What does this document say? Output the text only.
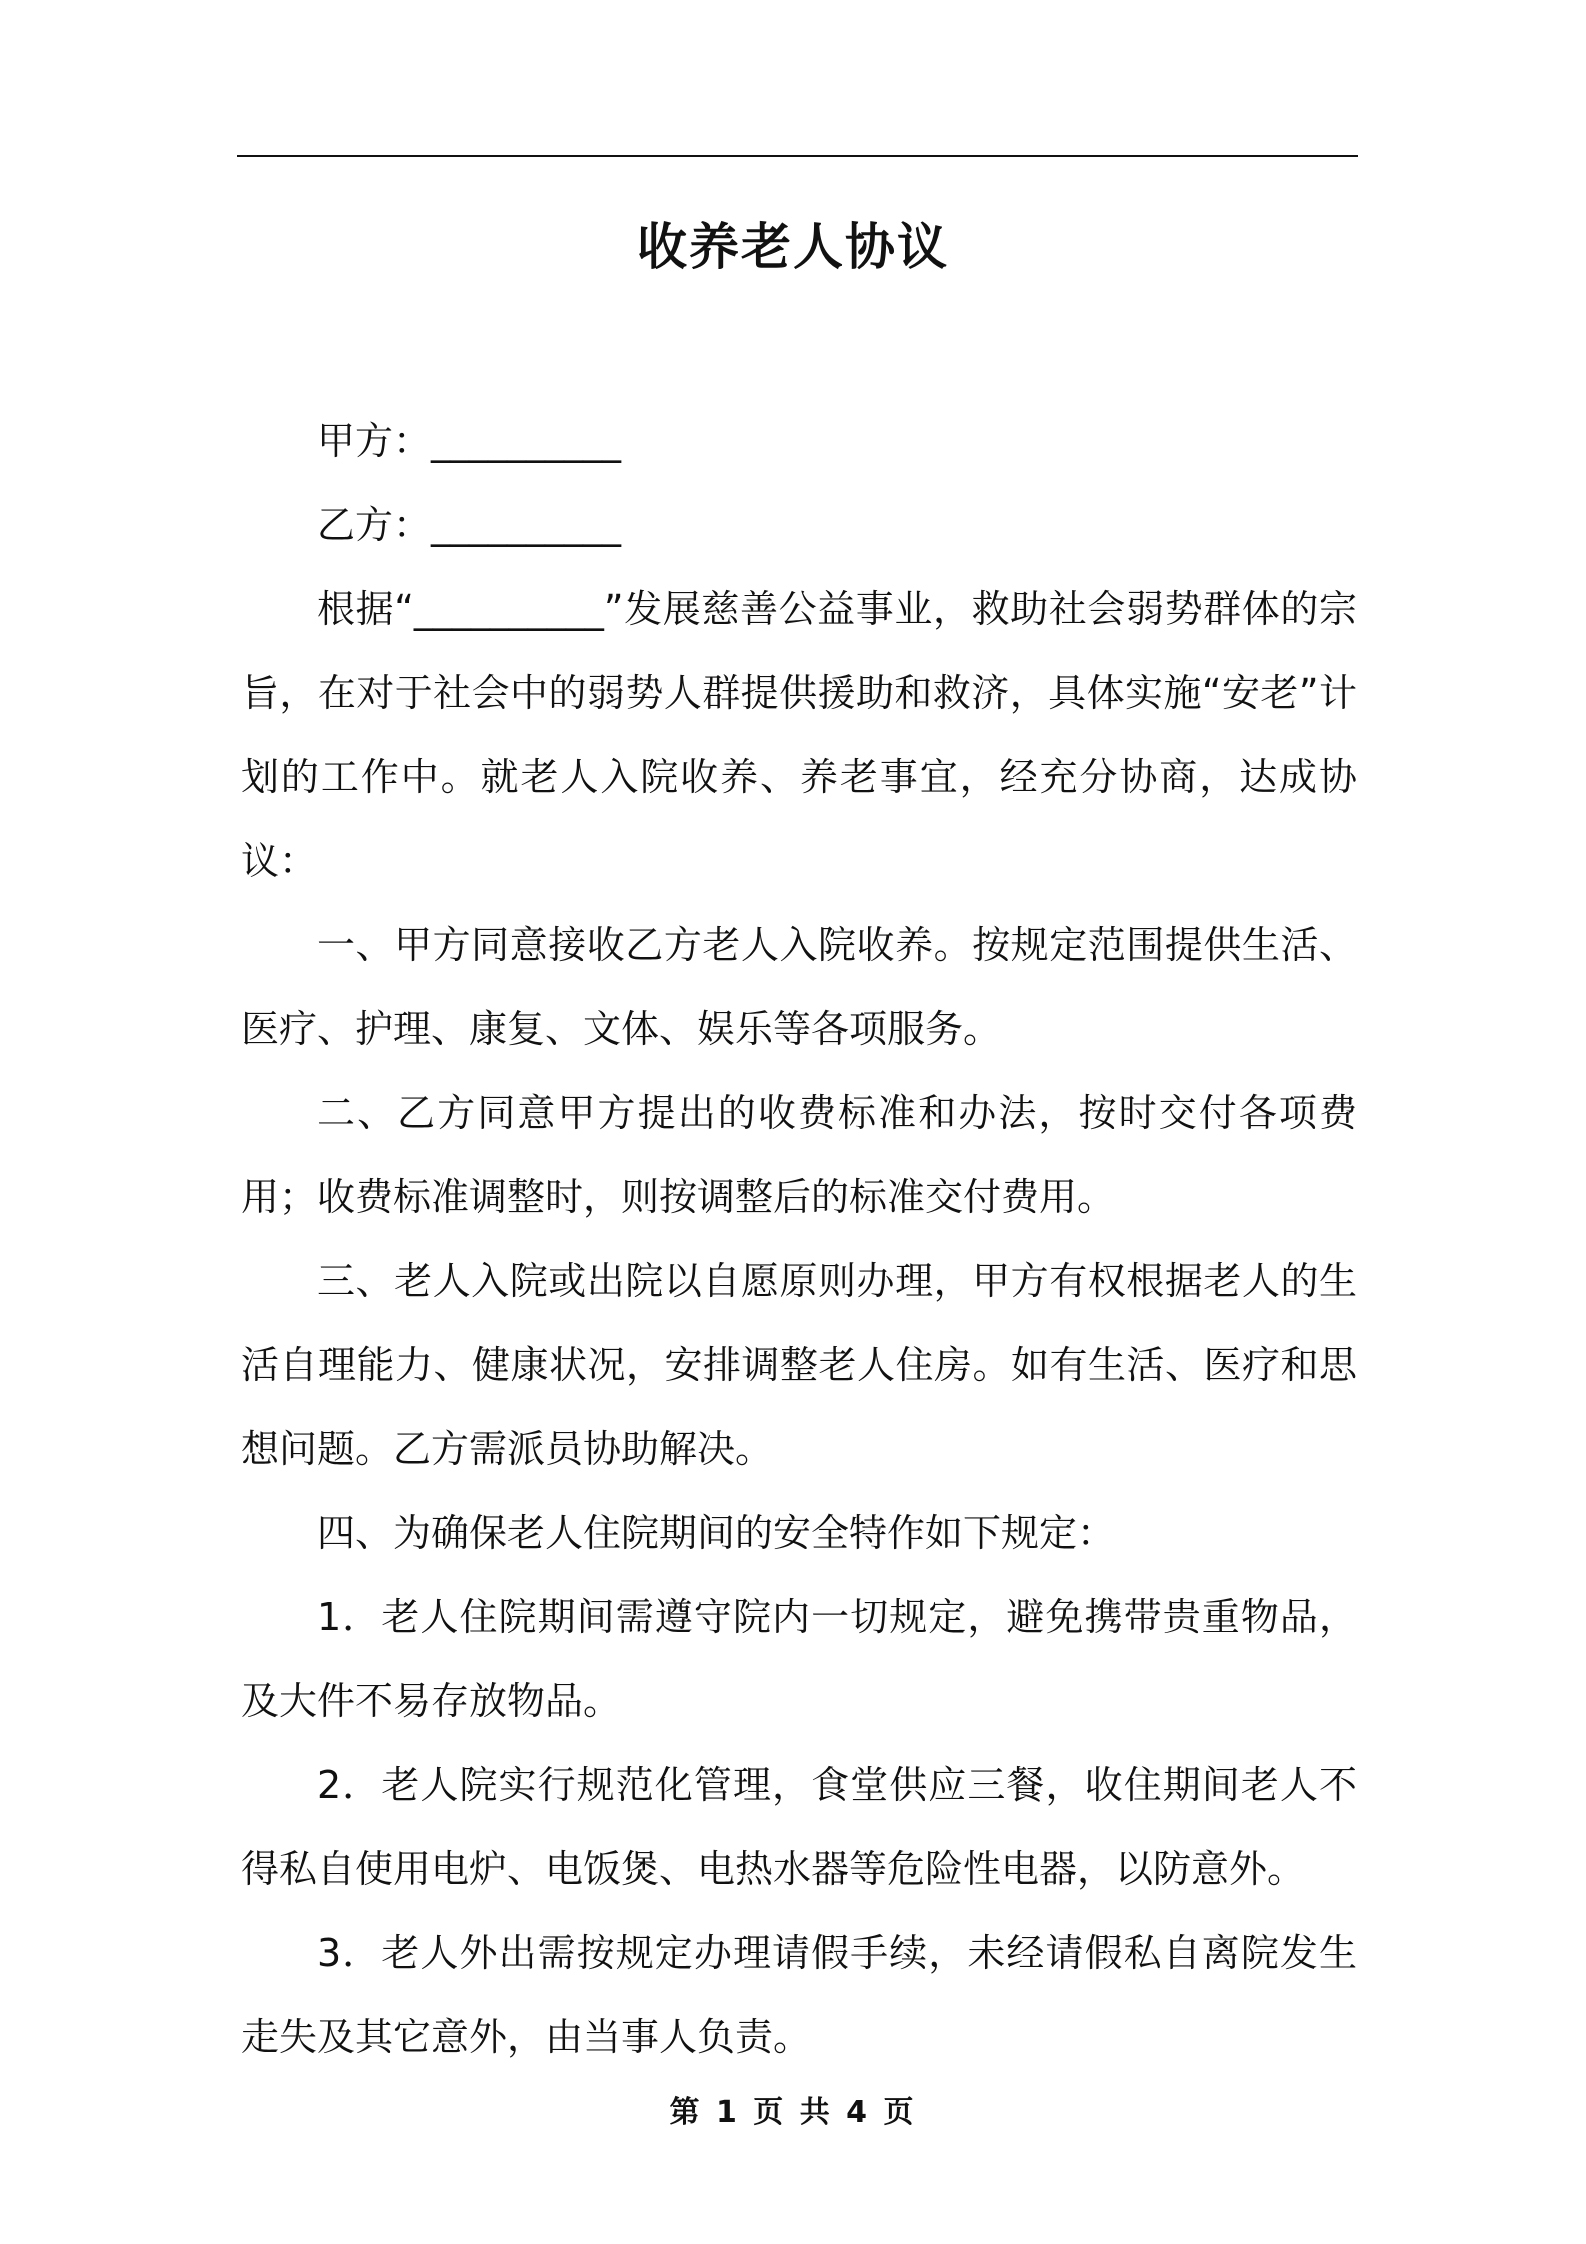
收养老人协议

甲方：__________

乙方：__________

根据“__________”发展慈善公益事业，救助社会弱势群体的宗旨，在对于社会中的弱势人群提供援助和救济，具体实施“安老”计划的工作中。就老人入院收养、养老事宜，经充分协商，达成协议：

一、甲方同意接收乙方老人入院收养。按规定范围提供生活、医疗、护理、康复、文体、娱乐等各项服务。

二、乙方同意甲方提出的收费标准和办法，按时交付各项费用；收费标准调整时，则按调整后的标准交付费用。

三、老人入院或出院以自愿原则办理，甲方有权根据老人的生活自理能力、健康状况，安排调整老人住房。如有生活、医疗和思想问题。乙方需派员协助解决。

四、为确保老人住院期间的安全特作如下规定：

1．老人住院期间需遵守院内一切规定，避免携带贵重物品，及大件不易存放物品。

2．老人院实行规范化管理，食堂供应三餐，收住期间老人不得私自使用电炉、电饭煲、电热水器等危险性电器，以防意外。

3．老人外出需按规定办理请假手续，未经请假私自离院发生走失及其它意外，由当事人负责。

第 1 页 共 4 页
